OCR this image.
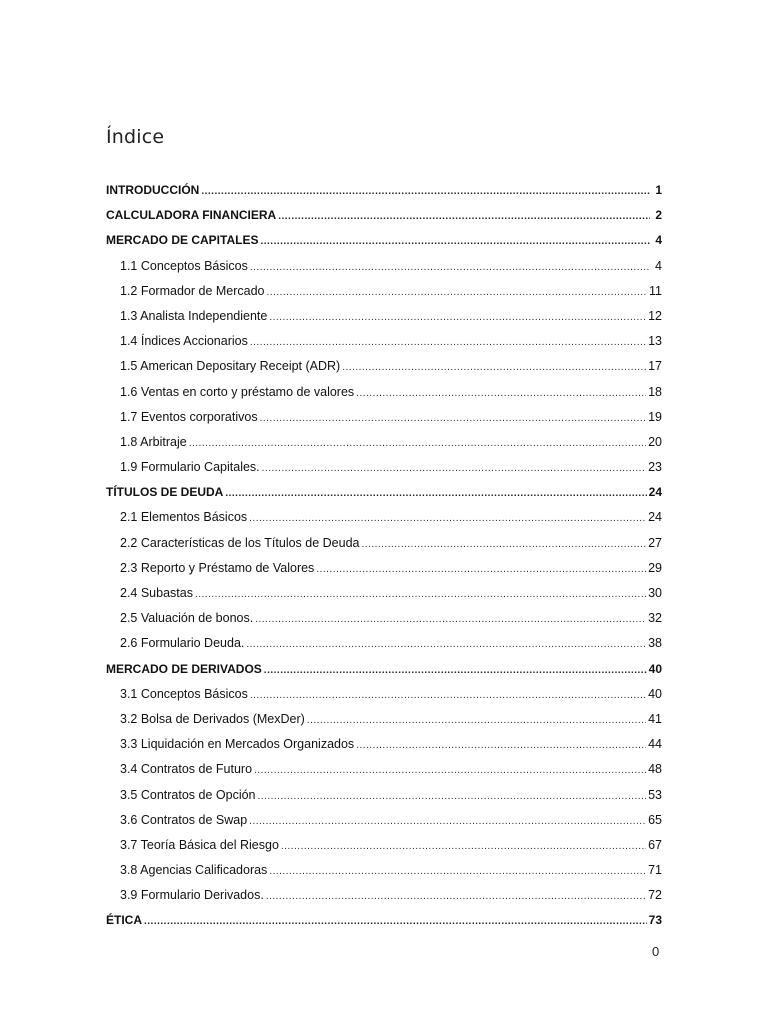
Índice
INTRODUCCIÓN .....	1
CALCULADORA FINANCIERA .....	2
MERCADO DE CAPITALES .....	4
1.1 Conceptos Básicos .....	4
1.2 Formador de Mercado .....	11
1.3 Analista Independiente .....	12
1.4 Índices Accionarios .....	13
1.5 American Depositary Receipt (ADR) .....	17
1.6 Ventas en corto y préstamo de valores .....	18
1.7 Eventos corporativos .....	19
1.8 Arbitraje .....	20
1.9 Formulario Capitales. .....	23
TÍTULOS DE DEUDA .....	24
2.1 Elementos Básicos .....	24
2.2 Características de los Títulos de Deuda .....	27
2.3 Reporto y Préstamo de Valores .....	29
2.4 Subastas .....	30
2.5 Valuación de bonos. .....	32
2.6 Formulario Deuda. .....	38
MERCADO DE DERIVADOS .....	40
3.1 Conceptos Básicos .....	40
3.2 Bolsa de Derivados (MexDer) .....	41
3.3 Liquidación en Mercados Organizados .....	44
3.4 Contratos de Futuro .....	48
3.5 Contratos de Opción .....	53
3.6 Contratos de Swap .....	65
3.7 Teoría Básica del Riesgo .....	67
3.8 Agencias Calificadoras .....	71
3.9 Formulario Derivados. .....	72
ÉTICA .....	73
0
